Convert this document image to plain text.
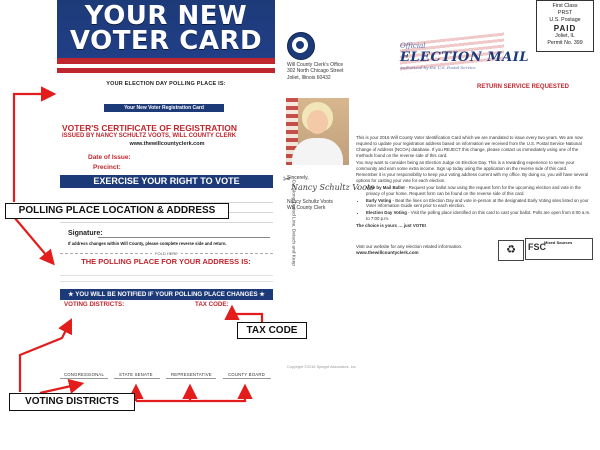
YOUR NEW
VOTER CARD
YOUR ELECTION DAY POLLING PLACE IS:
Your New Voter Registration Card
VOTER'S CERTIFICATE OF REGISTRATION
ISSUED BY NANCY SCHULTZ VOOTS, WILL COUNTY CLERK
www.thewillcountyclerk.com
Date of Issue:
Precinct:
EXERCISE YOUR RIGHT TO VOTE
Signature:
If address changes within Will County, please complete reverse side and return.
FOLD HERE
THE POLLING PLACE FOR YOUR ADDRESS IS:
★ YOU WILL BE NOTIFIED IF YOUR POLLING PLACE CHANGES ★
VOTING DISTRICTS:	TAX CODE:
CONGRESSIONAL	STATE SENATE	REPRESENTATIVE	COUNTY BOARD
✂
Cut Along Dotted Line, Detach and Keep
POLLING PLACE LOCATION & ADDRESS
TAX CODE
VOTING DISTRICTS
Will County Clerk's Office
302 North Chicago Street
Joliet, Illinois 60432
Official
ELECTION MAIL
Authorized by the U.S. Postal Service
First Class
PRST
U.S. Postage
PAID
Joliet, IL
Permit No. 399
RETURN SERVICE REQUESTED
Sincerely,
Nancy Schultz Voots
Nancy Schultz Voots
Will County Clerk

This is your 2016 Will County Voter Identification Card which we are mandated to issue every two years. We are now required to update your registration address based on information we received from the U.S. Postal Service National Change of Address (NCOA) database. If you REJECT this change, please contact us immediately using one of the methods found on the reverse side of this card.

You may want to consider being an Election Judge on Election Day. This is a rewarding experience to serve your community and earn some extra income. Sign up today using the application on the reverse side of this card.

Remember it is your responsibility to keep your voting address current with my office. By doing so, you will have several options for casting your vote for each election.

• Vote by Mail Ballot - Request your ballot now using the request form for the upcoming election and vote in the privacy of your home. Request form can be found on the reverse side of this card.
• Early Voting - Beat the lines on Election Day and vote in-person at the designated Early Voting sites listed on your Voter Information Guide sent prior to each election.
• Election Day Voting - Visit the polling place identified on this card to cast your ballot. Polls are open from 6:00 a.m. to 7:00 p.m.

The choice is yours … just VOTE!

Visit our website for any election related information.
www.thewillcountyclerk.com	♻
Mixed Sources
FSC
Copyright ©2016 Spiegel Associates, Inc.
